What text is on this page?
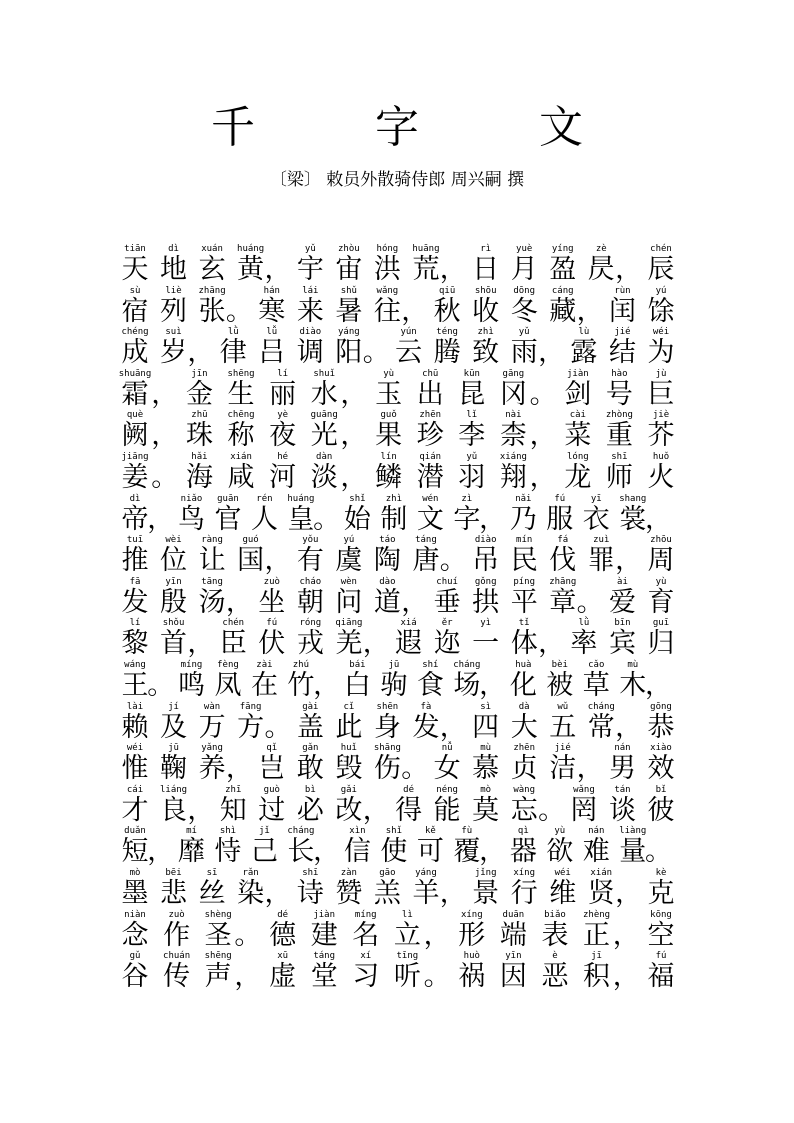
千　字　文
〔梁〕 敕员外散骑侍郎 周兴嗣 撰
tiān
天
dì
地
xuán
玄
huáng
黄 ，
yǔ
宇
zhòu
宙
hóng
洪
huāng
荒 ，
rì
日
yuè
月
yíng
盈
zè
昃 ，
chén
辰
sù
宿
liè
列
zhāng
张 。
hán
寒
lái
来
shǔ
暑
wǎng
往 ，
qiū
秋
shōu
收
dōng
冬
cáng
藏 ，
rùn
闰
yú
馀
chéng
成
suì
岁 ，
lǜ
律
lǚ
吕
diào
调
yáng
阳 。
yún
云
téng
腾
zhì
致
yǔ
雨 ，
lù
露
jié
结
wéi
为
shuāng
霜 ，
jīn
金
shēng
生
lí
丽
shuǐ
水 ，
yù
玉
chū
出
kūn
昆
gāng
冈 。
jiàn
剑
hào
号
jù
巨
què
阙 ，
zhū
珠
chēng
称
yè
夜
guāng
光 ，
guǒ
果
zhēn
珍
lǐ
李
nài
柰 ，
cài
菜
zhòng
重
jiè
芥
jiāng
姜 。
hǎi
海
xián
咸
hé
河
dàn
淡 ，
lín
鳞
qián
潜
yǔ
羽
xiáng
翔 ，
lóng
龙
shī
师
huǒ
火
dì
帝
，
niǎo
鸟
guān
官
rén
人
huáng
皇
。
shǐ
始
zhì
制
wén
文
zì
字
，
nǎi
乃
fú
服
yī
衣
shang
裳
，
tuī
推
wèi
位
ràng
让
guó
国 ，
yǒu
有
yú
虞
táo
陶
táng
唐 。
diào
吊
mín
民
fá
伐
zuì
罪 ，
zhōu
周
fā
发
yīn
殷
tāng
汤 ，
zuò
坐
cháo
朝
wèn
问
dào
道 ，
chuí
垂
gǒng
拱
píng
平
zhāng
章 。
ài
爱
yù
育
lí
黎
shǒu
首 ，
chén
臣
fú
伏
róng
戎
qiāng
羌 ，
xiá
遐
ěr
迩
yì
一
tǐ
体 ，
lǜ
率
bīn
宾
guī
归
wáng
王
。
míng
鸣
fèng
凤
zài
在
zhú
竹
，
bái
白
jū
驹
shí
食
cháng
场
，
huà
化
bèi
被
cǎo
草
mù
木
，
lài
赖
jí
及
wàn
万
fāng
方 。
gài
盖
cǐ
此
shēn
身
fà
发 ，
sì
四
dà
大
wǔ
五
cháng
常 ，
gōng
恭
wéi
惟
jū
鞠
yǎng
养 ，
qǐ
岂
gǎn
敢
huǐ
毁
shāng
伤 。
nǚ
女
mù
慕
zhēn
贞
jié
洁 ，
nán
男
xiào
效
cái
才
liáng
良 ，
zhī
知
guò
过
bì
必
gǎi
改 ，
dé
得
néng
能
mò
莫
wàng
忘 。
wǎng
罔
tán
谈
bǐ
彼
duǎn
短
，
mí
靡
shì
恃
jǐ
己
cháng
长
，
xìn
信
shǐ
使
kě
可
fù
覆
，
qì
器
yù
欲
nán
难
liàng
量
。
mò
墨
bēi
悲
sī
丝
rǎn
染 ，
shī
诗
zàn
赞
gāo
羔
yáng
羊 ，
jǐng
景
xíng
行
wéi
维
xián
贤 ，
kè
克
niàn
念
zuò
作
shèng
圣 。
dé
德
jiàn
建
míng
名
lì
立 ，
xíng
形
duān
端
biǎo
表
zhèng
正 ，
kōng
空
gǔ
谷
chuán
传
shēng
声 ，
xū
虚
táng
堂
xí
习
tīng
听 。
huò
祸
yīn
因
è
恶
jī
积 ，
fú
福
